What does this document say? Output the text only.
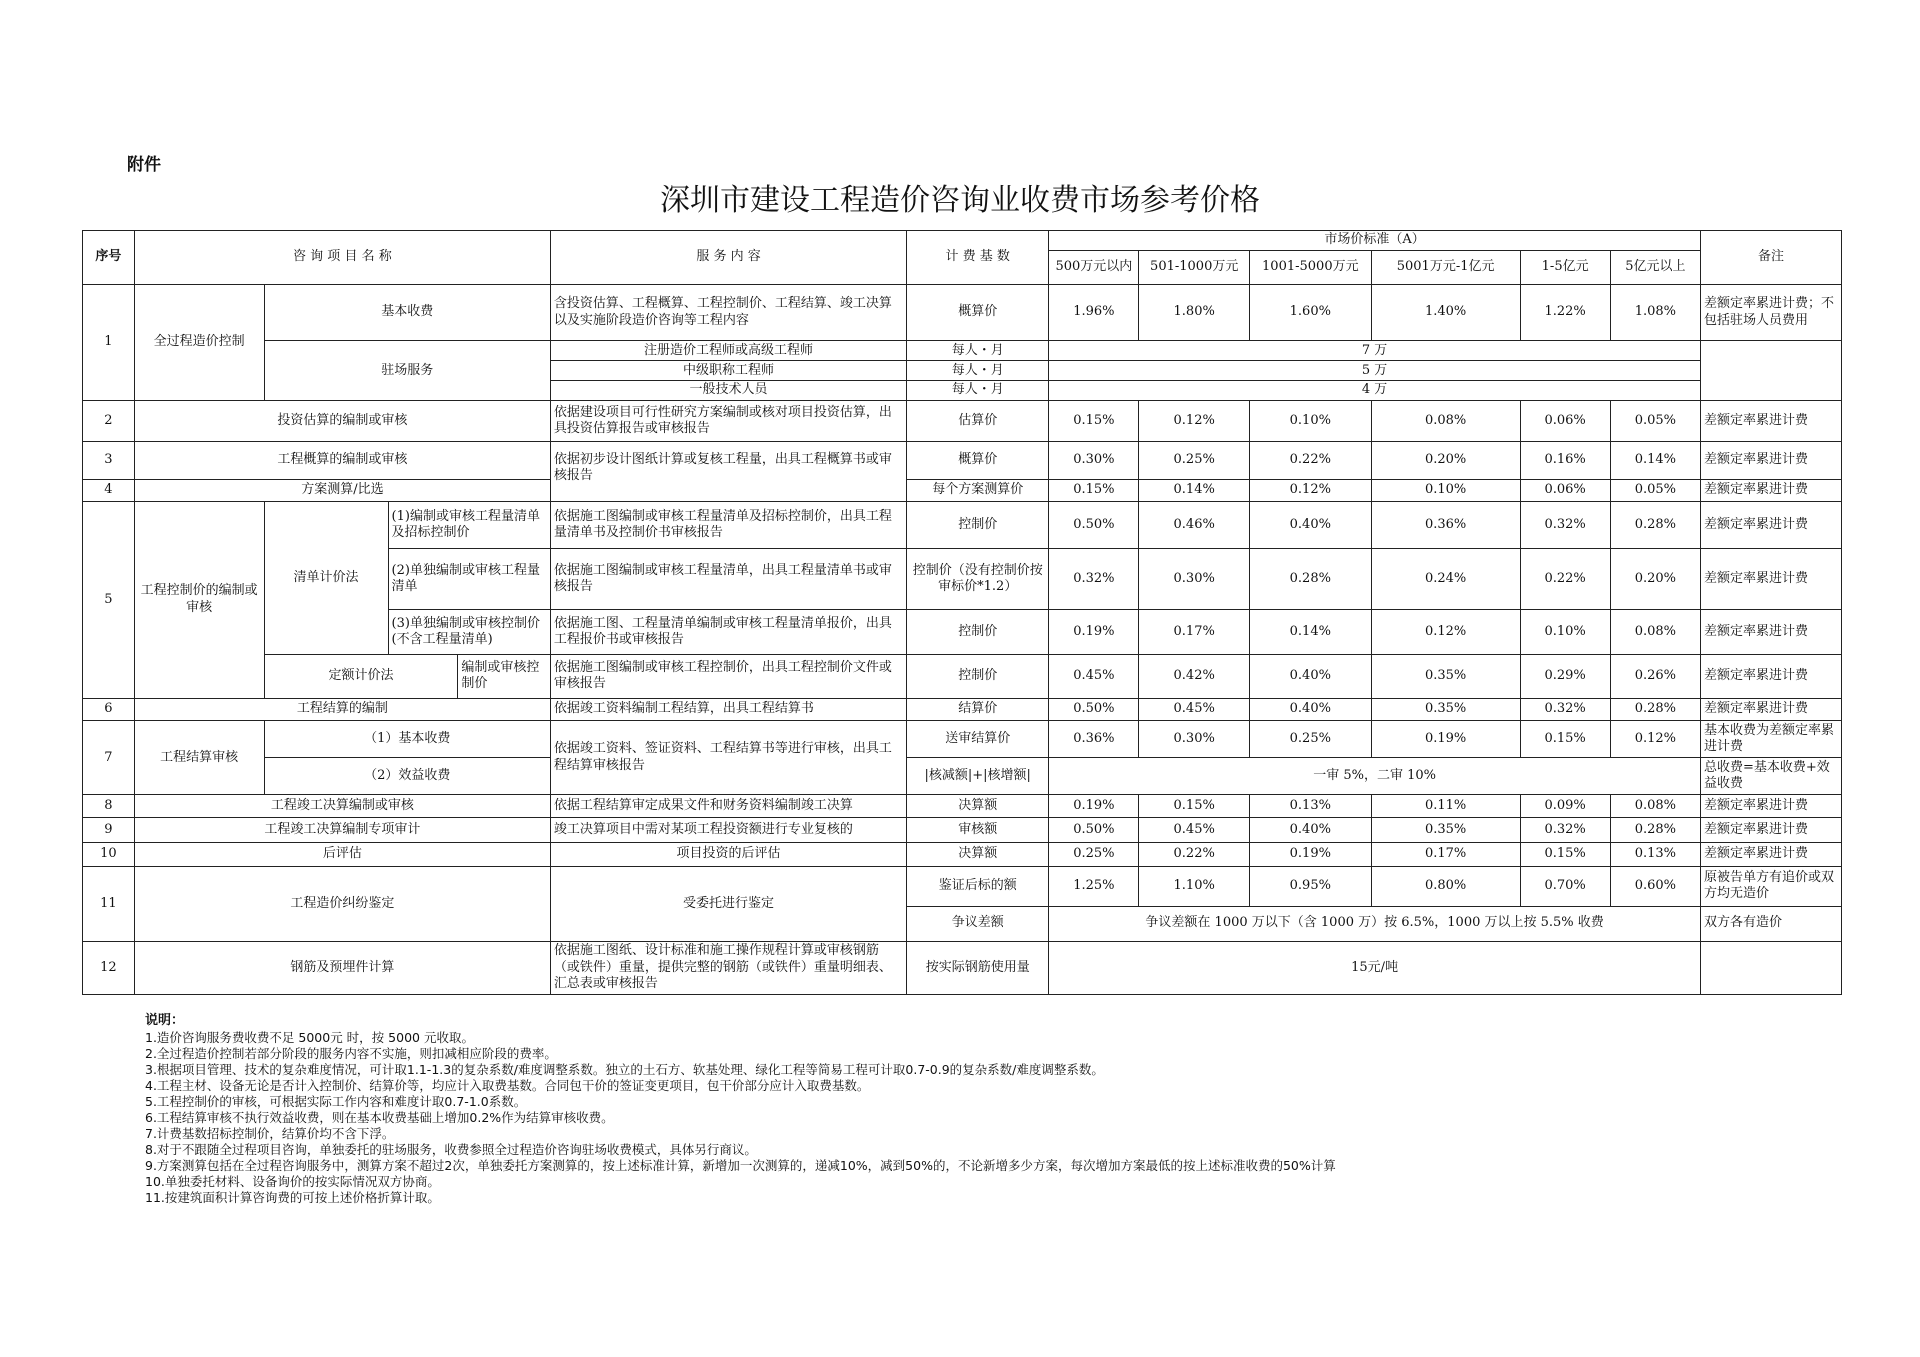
附件
深圳市建设工程造价咨询业收费市场参考价格
序号	咨 询 项 目 名 称				服 务 内 容	计 费 基 数	市场价标准（A）						备注
							500万元以内	501-1000万元	1001-5000万元	5001万元-1亿元	1-5亿元	5亿元以上	
1	全过程造价控制	基本收费			含投资估算、工程概算、工程控制价、工程结算、竣工决算以及实施阶段造价咨询等工程内容	概算价	1.96%	1.80%	1.60%	1.40%	1.22%	1.08%	差额定率累进计费；不包括驻场人员费用
		驻场服务			注册造价工程师或高级工程师	每人・月	7 万						
					中级职称工程师	每人・月	5 万						
					一般技术人员	每人・月	4 万						
2	投资估算的编制或审核				依据建设项目可行性研究方案编制或核对项目投资估算，出具投资估算报告或审核报告	估算价	0.15%	0.12%	0.10%	0.08%	0.06%	0.05%	差额定率累进计费
3	工程概算的编制或审核				依据初步设计图纸计算或复核工程量，出具工程概算书或审核报告	概算价	0.30%	0.25%	0.22%	0.20%	0.16%	0.14%	差额定率累进计费
4	方案测算/比选					每个方案测算价	0.15%	0.14%	0.12%	0.10%	0.06%	0.05%	差额定率累进计费
5	工程控制价的编制或审核	清单计价法	(1)编制或审核工程量清单及招标控制价		依据施工图编制或审核工程量清单及招标控制价，出具工程量清单书及控制价书审核报告	控制价	0.50%	0.46%	0.40%	0.36%	0.32%	0.28%	差额定率累进计费
			(2)单独编制或审核工程量清单		依据施工图编制或审核工程量清单，出具工程量清单书或审核报告	控制价（没有控制价按审标价*1.2）	0.32%	0.30%	0.28%	0.24%	0.22%	0.20%	差额定率累进计费
			(3)单独编制或审核控制价(不含工程量清单)		依据施工图、工程量清单编制或审核工程量清单报价，出具工程报价书或审核报告	控制价	0.19%	0.17%	0.14%	0.12%	0.10%	0.08%	差额定率累进计费
		定额计价法		编制或审核控制价	依据施工图编制或审核工程控制价，出具工程控制价文件或审核报告	控制价	0.45%	0.42%	0.40%	0.35%	0.29%	0.26%	差额定率累进计费
6	工程结算的编制				依据竣工资料编制工程结算，出具工程结算书	结算价	0.50%	0.45%	0.40%	0.35%	0.32%	0.28%	差额定率累进计费
7	工程结算审核	（1）基本收费			依据竣工资料、签证资料、工程结算书等进行审核，出具工程结算审核报告	送审结算价	0.36%	0.30%	0.25%	0.19%	0.15%	0.12%	基本收费为差额定率累进计费
		（2）效益收费				|核减额|+|核增额|	一审 5%，二审 10%						总收费=基本收费+效益收费
8	工程竣工决算编制或审核				依据工程结算审定成果文件和财务资料编制竣工决算	决算额	0.19%	0.15%	0.13%	0.11%	0.09%	0.08%	差额定率累进计费
9	工程竣工决算编制专项审计				竣工决算项目中需对某项工程投资额进行专业复核的	审核额	0.50%	0.45%	0.40%	0.35%	0.32%	0.28%	差额定率累进计费
10	后评估				项目投资的后评估	决算额	0.25%	0.22%	0.19%	0.17%	0.15%	0.13%	差额定率累进计费
11	工程造价纠纷鉴定				受委托进行鉴定	鉴证后标的额	1.25%	1.10%	0.95%	0.80%	0.70%	0.60%	原被告单方有追价或双方均无造价
						争议差额	争议差额在 1000 万以下（含 1000 万）按 6.5%，1000 万以上按 5.5% 收费						双方各有造价
12	钢筋及预埋件计算				依据施工图纸、设计标准和施工操作规程计算或审核钢筋（或铁件）重量，提供完整的钢筋（或铁件）重量明细表、汇总表或审核报告	按实际钢筋使用量	15元/吨						
说明：
1.造价咨询服务费收费不足 5000元 时，按 5000 元收取。
2.全过程造价控制若部分阶段的服务内容不实施，则扣减相应阶段的费率。
3.根据项目管理、技术的复杂难度情况，可计取1.1-1.3的复杂系数/难度调整系数。独立的土石方、软基处理、绿化工程等简易工程可计取0.7-0.9的复杂系数/难度调整系数。
4.工程主材、设备无论是否计入控制价、结算价等，均应计入取费基数。合同包干价的签证变更项目，包干价部分应计入取费基数。
5.工程控制价的审核，可根据实际工作内容和难度计取0.7-1.0系数。
6.工程结算审核不执行效益收费，则在基本收费基础上增加0.2%作为结算审核收费。
7.计费基数招标控制价，结算价均不含下浮。
8.对于不跟随全过程项目咨询，单独委托的驻场服务，收费参照全过程造价咨询驻场收费模式，具体另行商议。
9.方案测算包括在全过程咨询服务中，测算方案不超过2次，单独委托方案测算的，按上述标准计算，新增加一次测算的，递减10%，减到50%的，不论新增多少方案，每次增加方案最低的按上述标准收费的50%计算
10.单独委托材料、设备询价的按实际情况双方协商。
11.按建筑面积计算咨询费的可按上述价格折算计取。
